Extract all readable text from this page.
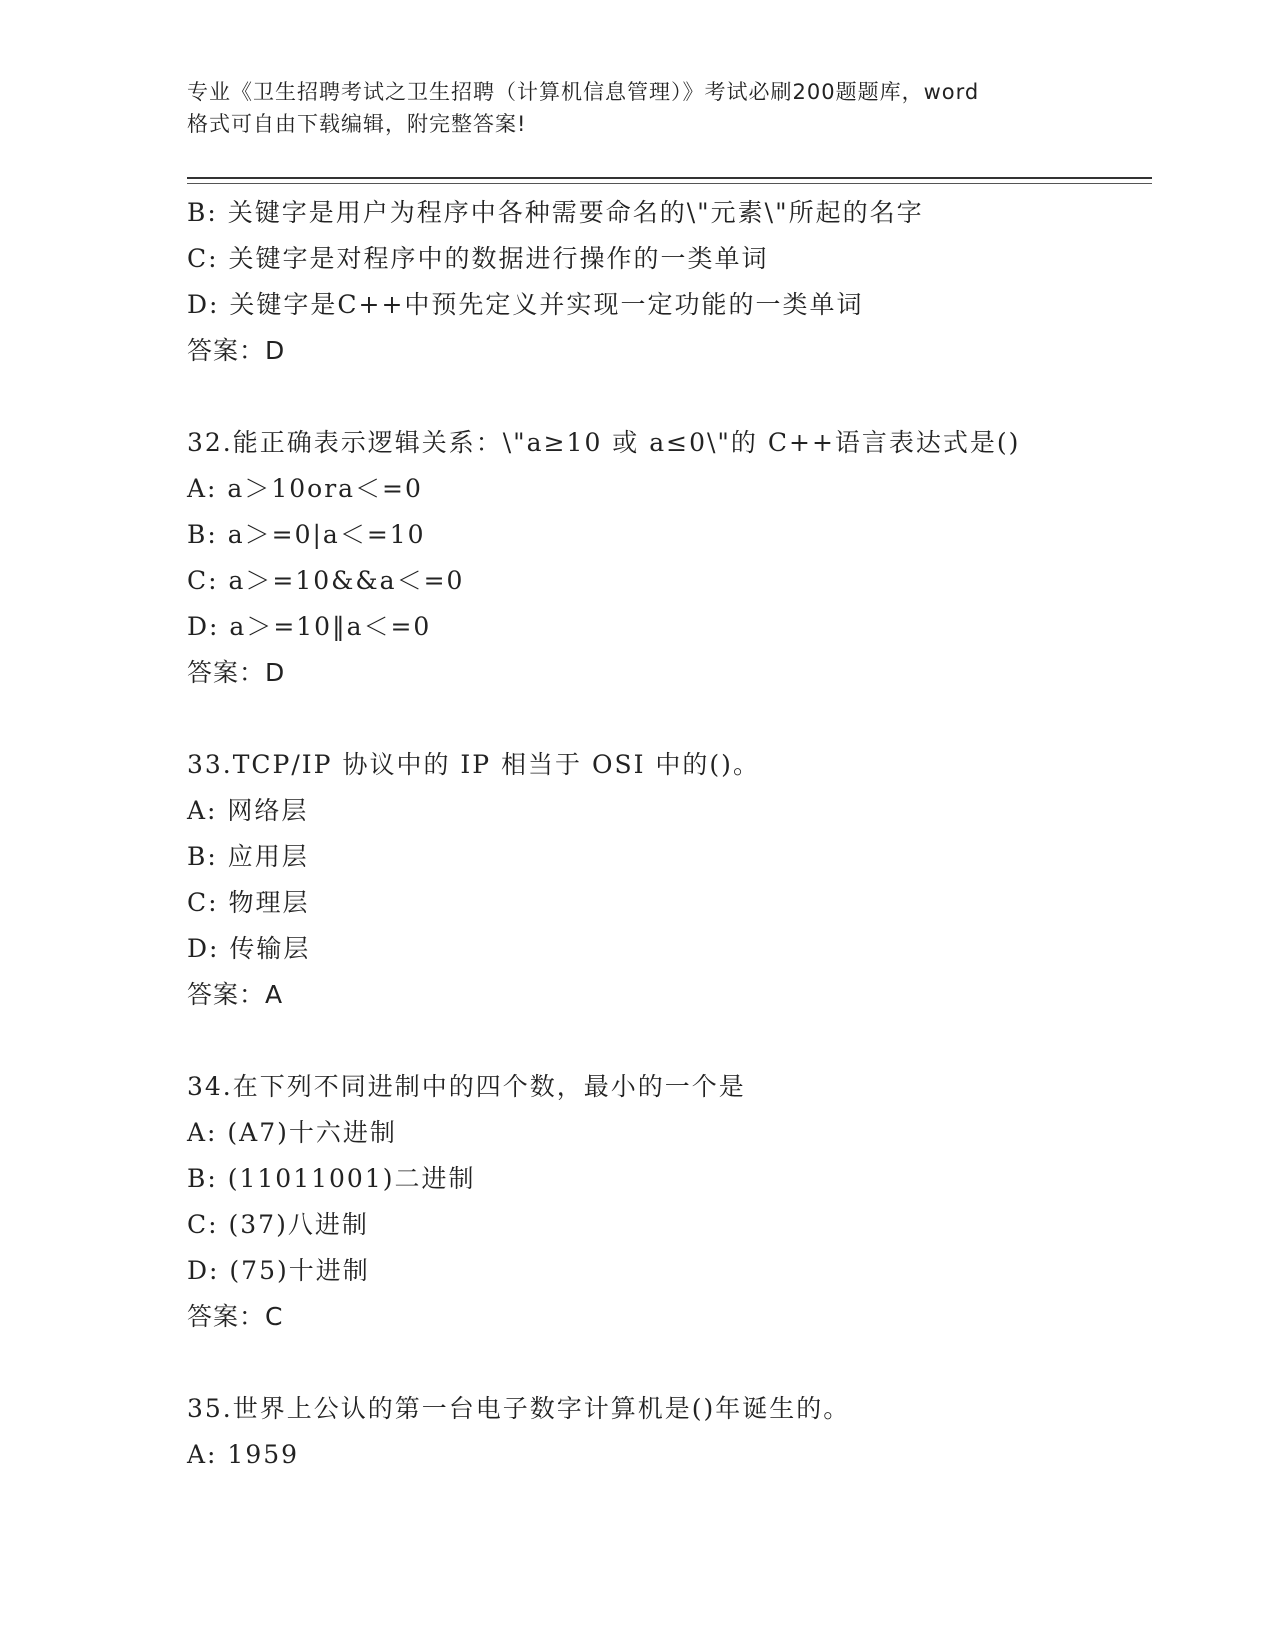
专业《卫生招聘考试之卫生招聘（计算机信息管理）》考试必刷200题题库，word
格式可自由下载编辑，附完整答案!
B: 关键字是用户为程序中各种需要命名的\"元素\"所起的名字
C: 关键字是对程序中的数据进行操作的一类单词
D: 关键字是C++中预先定义并实现一定功能的一类单词
答案：D
32.能正确表示逻辑关系：\"a≥10 或 a≤0\"的 C++语言表达式是()
A: a＞10ora＜=0
B: a＞=0|a＜=10
C: a＞=10&&a＜=0
D: a＞=10‖a＜=0
答案：D
33.TCP/IP 协议中的 IP 相当于 OSI 中的()。
A: 网络层
B: 应用层
C: 物理层
D: 传输层
答案：A
34.在下列不同进制中的四个数，最小的一个是
A: (A7)十六进制
B: (11011001)二进制
C: (37)八进制
D: (75)十进制
答案：C
35.世界上公认的第一台电子数字计算机是()年诞生的。
A: 1959
